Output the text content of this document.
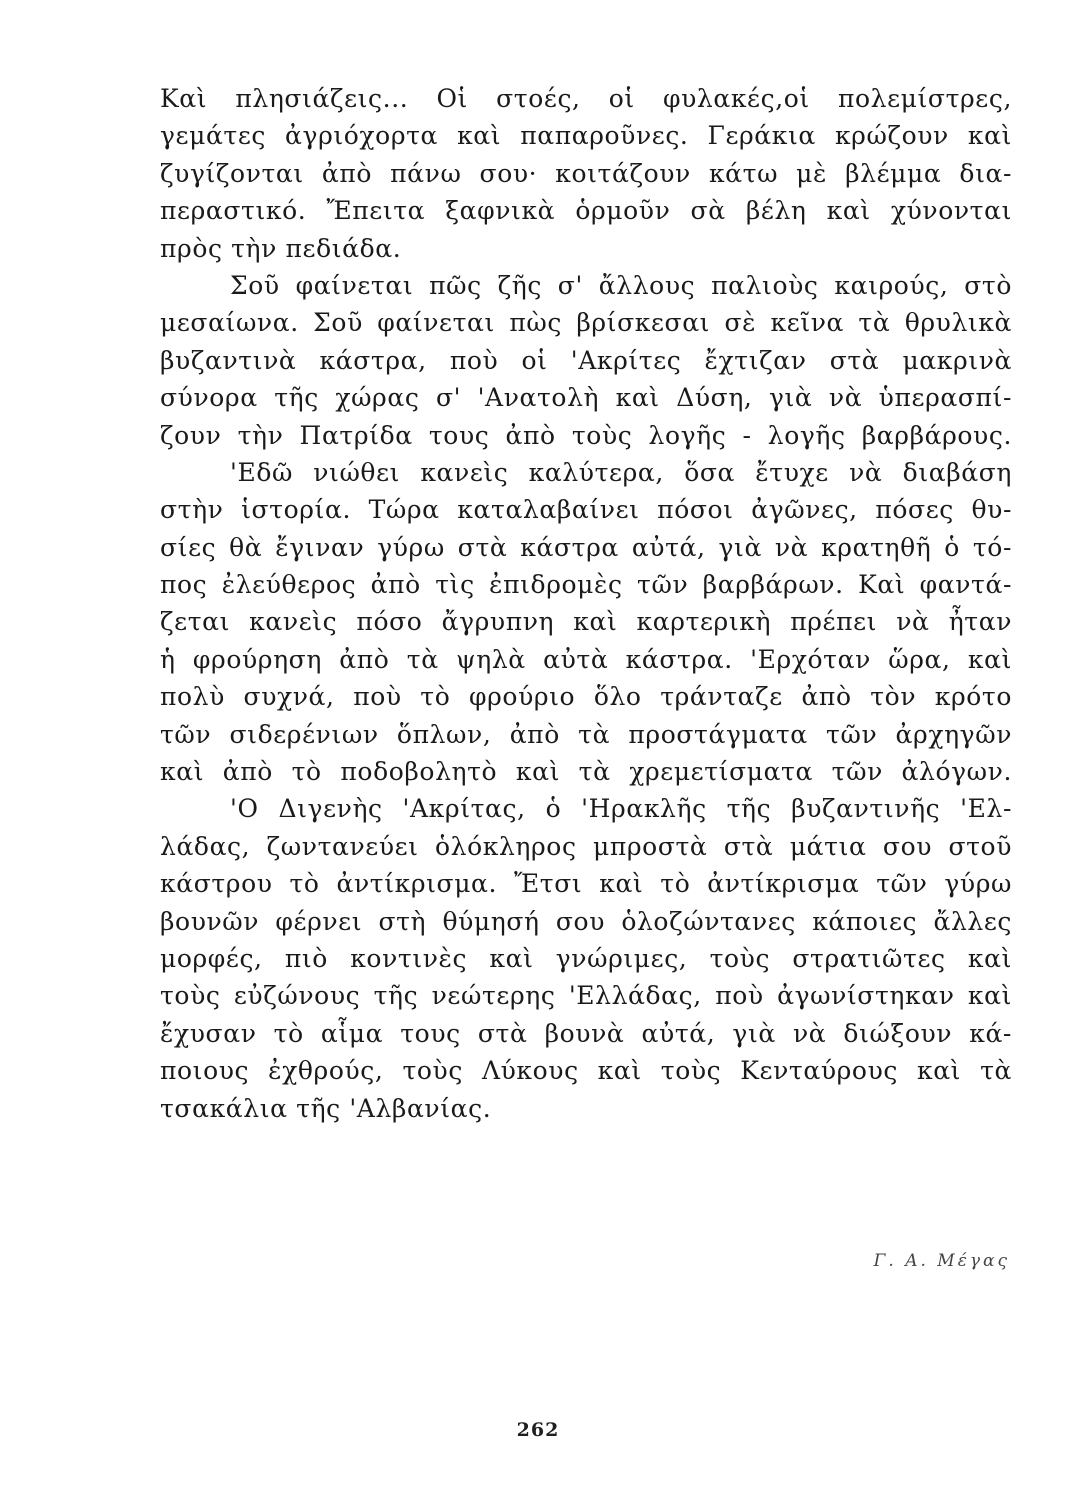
Καὶ πλησιάζεις... Οἱ στοές, οἱ φυλακές,οἱ πολεμίστρες,
γεμάτες ἀγριόχορτα καὶ παπαροῦνες. Γεράκια κρώζουν καὶ
ζυγίζονται ἀπὸ πάνω σου· κοιτάζουν κάτω μὲ βλέμμα δια-
περαστικό. Ἔπειτα ξαφνικὰ ὁρμοῦν σὰ βέλη καὶ χύνονται
πρὸς τὴν πεδιάδα.
Σοῦ φαίνεται πῶς ζῆς σ' ἄλλους παλιοὺς καιρούς, στὸ
μεσαίωνα. Σοῦ φαίνεται πὼς βρίσκεσαι σὲ κεῖνα τὰ θρυλικὰ
βυζαντινὰ κάστρα, ποὺ οἱ 'Ακρίτες ἔχτιζαν στὰ μακρινὰ
σύνορα τῆς χώρας σ' 'Ανατολὴ καὶ Δύση, γιὰ νὰ ὑπερασπί-
ζουν τὴν Πατρίδα τους ἀπὸ τοὺς λογῆς - λογῆς βαρβάρους.
'Εδῶ νιώθει κανεὶς καλύτερα, ὅσα ἔτυχε νὰ διαβάση
στὴν ἱστορία. Τώρα καταλαβαίνει πόσοι ἀγῶνες, πόσες θυ-
σίες θὰ ἔγιναν γύρω στὰ κάστρα αὐτά, γιὰ νὰ κρατηθῆ ὁ τό-
πος ἐλεύθερος ἀπὸ τὶς ἐπιδρομὲς τῶν βαρβάρων. Καὶ φαντά-
ζεται κανεὶς πόσο ἄγρυπνη καὶ καρτερικὴ πρέπει νὰ ἦταν
ἡ φρούρηση ἀπὸ τὰ ψηλὰ αὐτὰ κάστρα. 'Ερχόταν ὥρα, καὶ
πολὺ συχνά, ποὺ τὸ φρούριο ὅλο τράνταζε ἀπὸ τὸν κρότο
τῶν σιδερένιων ὅπλων, ἀπὸ τὰ προστάγματα τῶν ἀρχηγῶν
καὶ ἀπὸ τὸ ποδοβολητὸ καὶ τὰ χρεμετίσματα τῶν ἀλόγων.
'Ο Διγενὴς 'Ακρίτας, ὁ 'Ηρακλῆς τῆς βυζαντινῆς 'Ελ-
λάδας, ζωντανεύει ὁλόκληρος μπροστὰ στὰ μάτια σου στοῦ
κάστρου τὸ ἀντίκρισμα. Ἔτσι καὶ τὸ ἀντίκρισμα τῶν γύρω
βουνῶν φέρνει στὴ θύμησή σου ὁλοζώντανες κάποιες ἄλλες
μορφές, πιὸ κοντινὲς καὶ γνώριμες, τοὺς στρατιῶτες καὶ
τοὺς εὐζώνους τῆς νεώτερης 'Ελλάδας, ποὺ ἀγωνίστηκαν καὶ
ἔχυσαν τὸ αἷμα τους στὰ βουνὰ αὐτά, γιὰ νὰ διώξουν κά-
ποιους ἐχθρούς, τοὺς Λύκους καὶ τοὺς Κενταύρους καὶ τὰ
τσακάλια τῆς 'Αλβανίας.
Γ. Α. Μέγας
262
